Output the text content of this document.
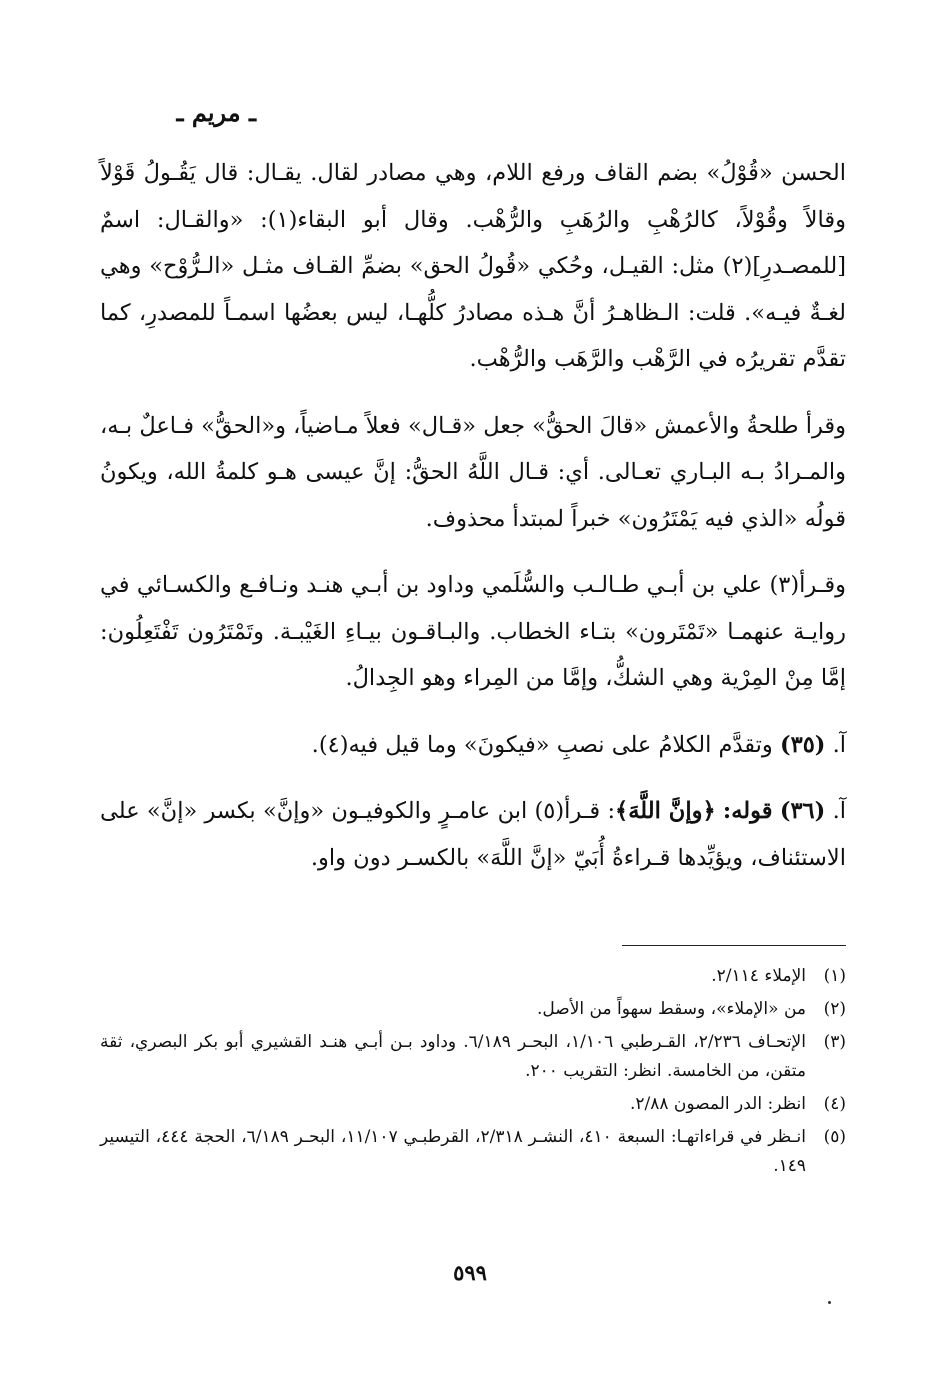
ـ مريم ـ

الحسن «قُوْلُ» بضم القاف ورفع اللام، وهي مصادر لقال. يقـال: قال يَقُـولُ قَوْلاً وقالاً وقُوْلاً، كالرُهْبِ والرُهَبِ والرُّهْب. وقال أبو البقاء(١): «والقـال: اسمٌ [للمصـدرِ](٢) مثل: القيـل، وحُكي «قُولُ الحق» بضمِّ القـاف مثـل «الـرُّوْح» وهي لغـةٌ فيـه». قلت: الـظاهـرُ أنَّ هـذه مصادرُ كلُّهـا، ليس بعضُها اسمـاً للمصدرِ، كما تقدَّم تقريرُه في الرَّهْب والرَّهَب والرُّهْب.

وقرأ طلحةُ والأعمش «قالَ الحقُّ» جعل «قـال» فعلاً مـاضياً، و«الحقُّ» فـاعلٌ بـه، والمـرادُ بـه البـاري تعـالى. أي: قـال اللَّهُ الحقُّ: إنَّ عيسى هـو كلمةُ الله، ويكونُ قولُه «الذي فيه يَمْتَرُون» خبراً لمبتدأ محذوف.

وقـرأ(٣) علي بن أبـي طـالـب والسُّلَمي وداود بن أبـي هنـد ونـافـع والكسـائي في روايـة عنهمـا «تَمْتَرون» بتـاء الخطاب. والبـاقـون بيـاءِ الغَيْبـة. وتَمْتَرُون تَفْتَعِلُون: إمَّا مِنْ المِرْية وهي الشكُّ، وإمَّا من المِراء وهو الجِدالُ.

آ. (٣٥) وتقدَّم الكلامُ على نصبِ «فيكونَ» وما قيل فيه(٤).

آ. (٣٦) قوله: ﴿وإنَّ اللَّهَ﴾: قـرأ(٥) ابن عامـرٍ والكوفيـون «وإنَّ» بكسر «إنَّ» على الاستئناف، ويؤيِّدها قـراءةُ أُبَيّ «إنَّ اللَّهَ» بالكسـر دون واو.

(١)
الإملاء ٢/١١٤.
(٢)
من «الإملاء»، وسقط سهواً من الأصل.
(٣)
الإتحـاف ٢/٢٣٦، القـرطبي ١/١٠٦، البحـر ٦/١٨٩. وداود بـن أبـي هنـد القشيري أبو بكر البصري، ثقة متقن، من الخامسة. انظر: التقريب ٢٠٠.
(٤)
انظر: الدر المصون ٢/٨٨.
(٥)
انـظر في قراءاتهـا: السبعة ٤١٠، النشـر ٢/٣١٨، القرطبـي ١١/١٠٧، البحـر ٦/١٨٩، الحجة ٤٤٤، التيسير ١٤٩.
٥٩٩
